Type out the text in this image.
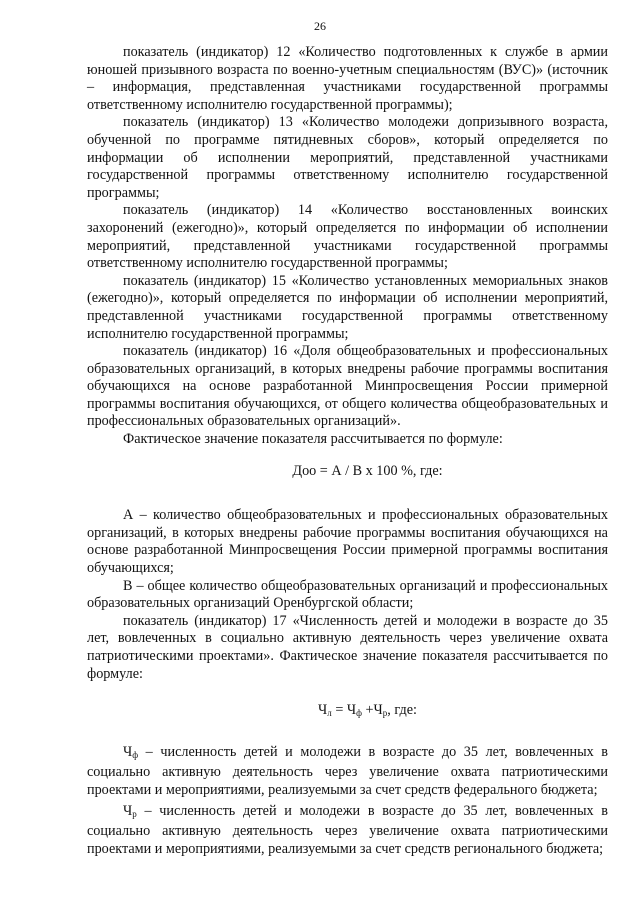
26

показатель (индикатор) 12 «Количество подготовленных к службе в армии юношей призывного возраста по военно-учетным специальностям (ВУС)» (источник – информация, представленная участниками государственной программы ответственному исполнителю государственной программы);

показатель (индикатор) 13 «Количество молодежи допризывного возраста, обученной по программе пятидневных сборов», который определяется по информации об исполнении мероприятий, представленной участниками государственной программы ответственному исполнителю государственной программы;

показатель (индикатор) 14 «Количество восстановленных воинских захоронений (ежегодно)», который определяется по информации об исполнении мероприятий, представленной участниками государственной программы ответственному исполнителю государственной программы;

показатель (индикатор) 15 «Количество установленных мемориальных знаков (ежегодно)», который определяется по информации об исполнении мероприятий, представленной участниками государственной программы ответственному исполнителю государственной программы;

показатель (индикатор) 16 «Доля общеобразовательных и профессиональных образовательных организаций, в которых внедрены рабочие программы воспитания обучающихся на основе разработанной Минпросвещения России примерной программы воспитания обучающихся, от общего количества общеобразовательных и профессиональных образовательных организаций».

Фактическое значение показателя рассчитывается по формуле:

Доо = А / В х 100 %, где:

А – количество общеобразовательных и профессиональных образовательных организаций, в которых внедрены рабочие программы воспитания обучающихся на основе разработанной Минпросвещения России примерной программы воспитания обучающихся;

В – общее количество общеобразовательных организаций и профессиональных образовательных организаций Оренбургской области;

показатель (индикатор) 17 «Численность детей и молодежи в возрасте до 35 лет, вовлеченных в социально активную деятельность через увеличение охвата патриотическими проектами». Фактическое значение показателя рассчитывается по формуле:

$Ч_л = Ч_ф +Ч_р$, где:

$Ч_ф$ – численность детей и молодежи в возрасте до 35 лет, вовлеченных в социально активную деятельность через увеличение охвата патриотическими проектами и мероприятиями, реализуемыми за счет средств федерального бюджета;

$Ч_р$ – численность детей и молодежи в возрасте до 35 лет, вовлеченных в социально активную деятельность через увеличение охвата патриотическими проектами и мероприятиями, реализуемыми за счет средств регионального бюджета;
